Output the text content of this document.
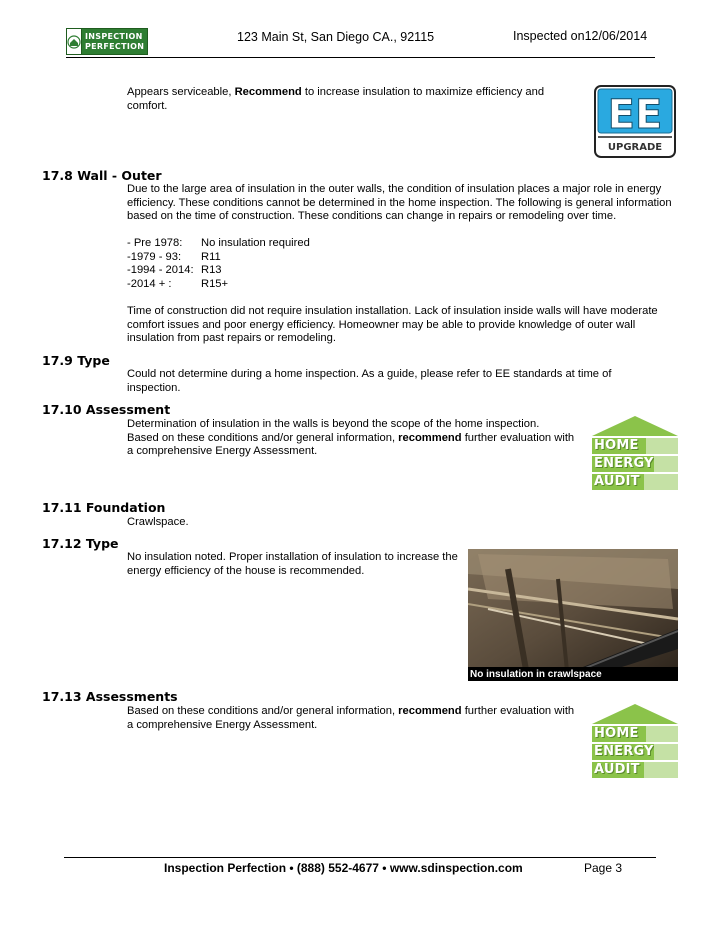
INSPECTION
PERFECTION
123 Main St, San Diego CA., 92115	Inspected on12/06/2014
Appears serviceable, Recommend to increase insulation to maximize efficiency and comfort.	EE
UPGRADE
17.8 Wall - Outer
Due to the large area of insulation in the outer walls, the condition of insulation places a major role in energy efficiency. These conditions cannot be determined in the home inspection. The following is general information based on the time of construction. These conditions can change in repairs or remodeling over time.
- Pre 1978:	No insulation required
-1979 - 93:	R11
-1994 - 2014: R13
-2014 + :	R15+
Time of construction did not require insulation installation. Lack of insulation inside walls will have moderate comfort issues and poor energy efficiency. Homeowner may be able to provide knowledge of outer wall insulation from past repairs or remodeling.
17.9 Type
Could not determine during a home inspection. As a guide, please refer to EE standards at time of inspection.
17.10 Assessment
Determination of insulation in the walls is beyond the scope of the home inspection.
Based on these conditions and/or general information, recommend further evaluation with a comprehensive Energy Assessment.	HOME
ENERGY
AUDIT
17.11 Foundation
Crawlspace.
17.12 Type
No insulation noted. Proper installation of insulation to increase the energy efficiency of the house is recommended.
No insulation in crawlspace
17.13 Assessments
Based on these conditions and/or general information, recommend further evaluation with a comprehensive Energy Assessment.
HOME
ENERGY
AUDIT
Inspection Perfection • (888) 552-4677 • www.sdinspection.com	Page 3
